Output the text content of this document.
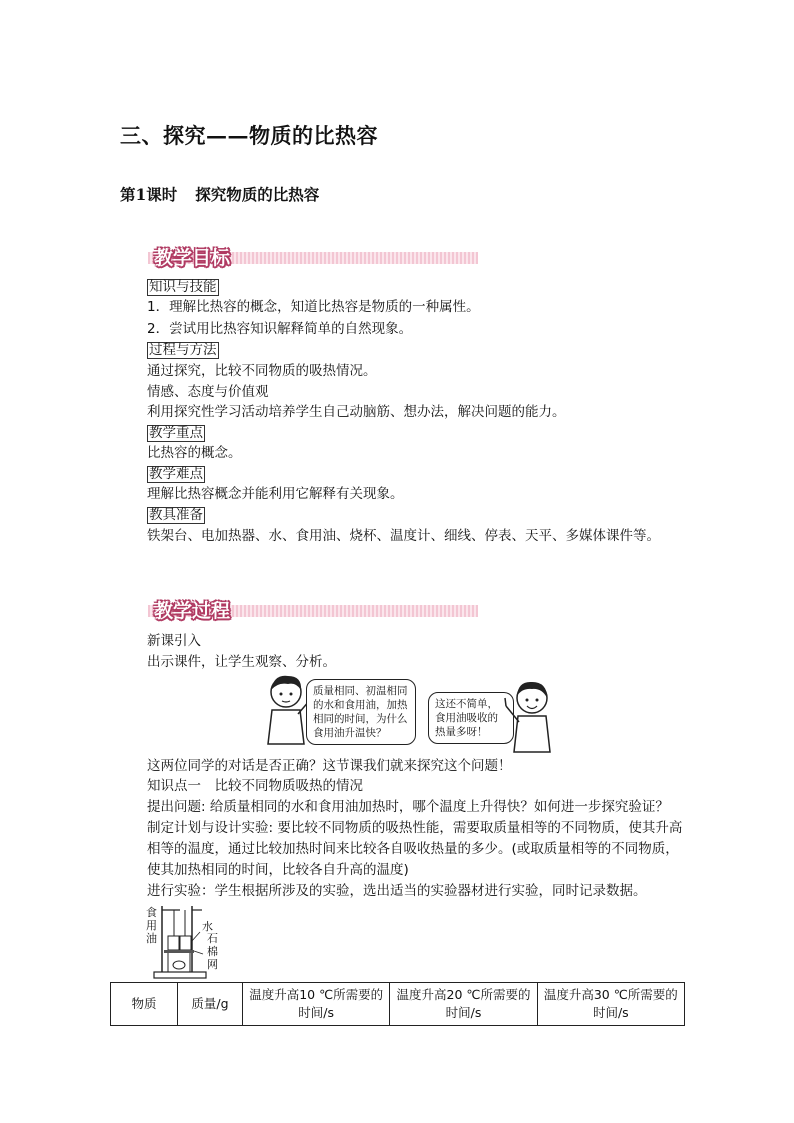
三、探究——物质的比热容
第1课时 探究物质的比热容
教学目标
知识与技能
1．理解比热容的概念，知道比热容是物质的一种属性。
2．尝试用比热容知识解释简单的自然现象。
过程与方法
通过探究，比较不同物质的吸热情况。
情感、态度与价值观
利用探究性学习活动培养学生自己动脑筋、想办法，解决问题的能力。
教学重点
比热容的概念。
教学难点
理解比热容概念并能利用它解释有关现象。
教具准备
铁架台、电加热器、水、食用油、烧杯、温度计、细线、停表、天平、多媒体课件等。
教学过程
新课引入
出示课件，让学生观察、分析。
质量相同、初温相同的水和食用油，加热相同的时间，为什么食用油升温快？
这还不简单，食用油吸收的热量多呀！
这两位同学的对话是否正确？这节课我们就来探究这个问题！
知识点一　比较不同物质吸热的情况
提出问题: 给质量相同的水和食用油加热时，哪个温度上升得快？如何进一步探究验证？
制定计划与设计实验: 要比较不同物质的吸热性能，需要取质量相等的不同物质，使其升高相等的温度，通过比较加热时间来比较各自吸收热量的多少。(或取质量相等的不同物质，使其加热相同的时间，比较各自升高的温度)
进行实验：学生根据所涉及的实验，选出适当的实验器材进行实验，同时记录数据。
食用油
水
石棉网
物质	质量/g	温度升高10 ℃所需要的时间/s	温度升高20 ℃所需要的时间/s	温度升高30 ℃所需要的时间/s
